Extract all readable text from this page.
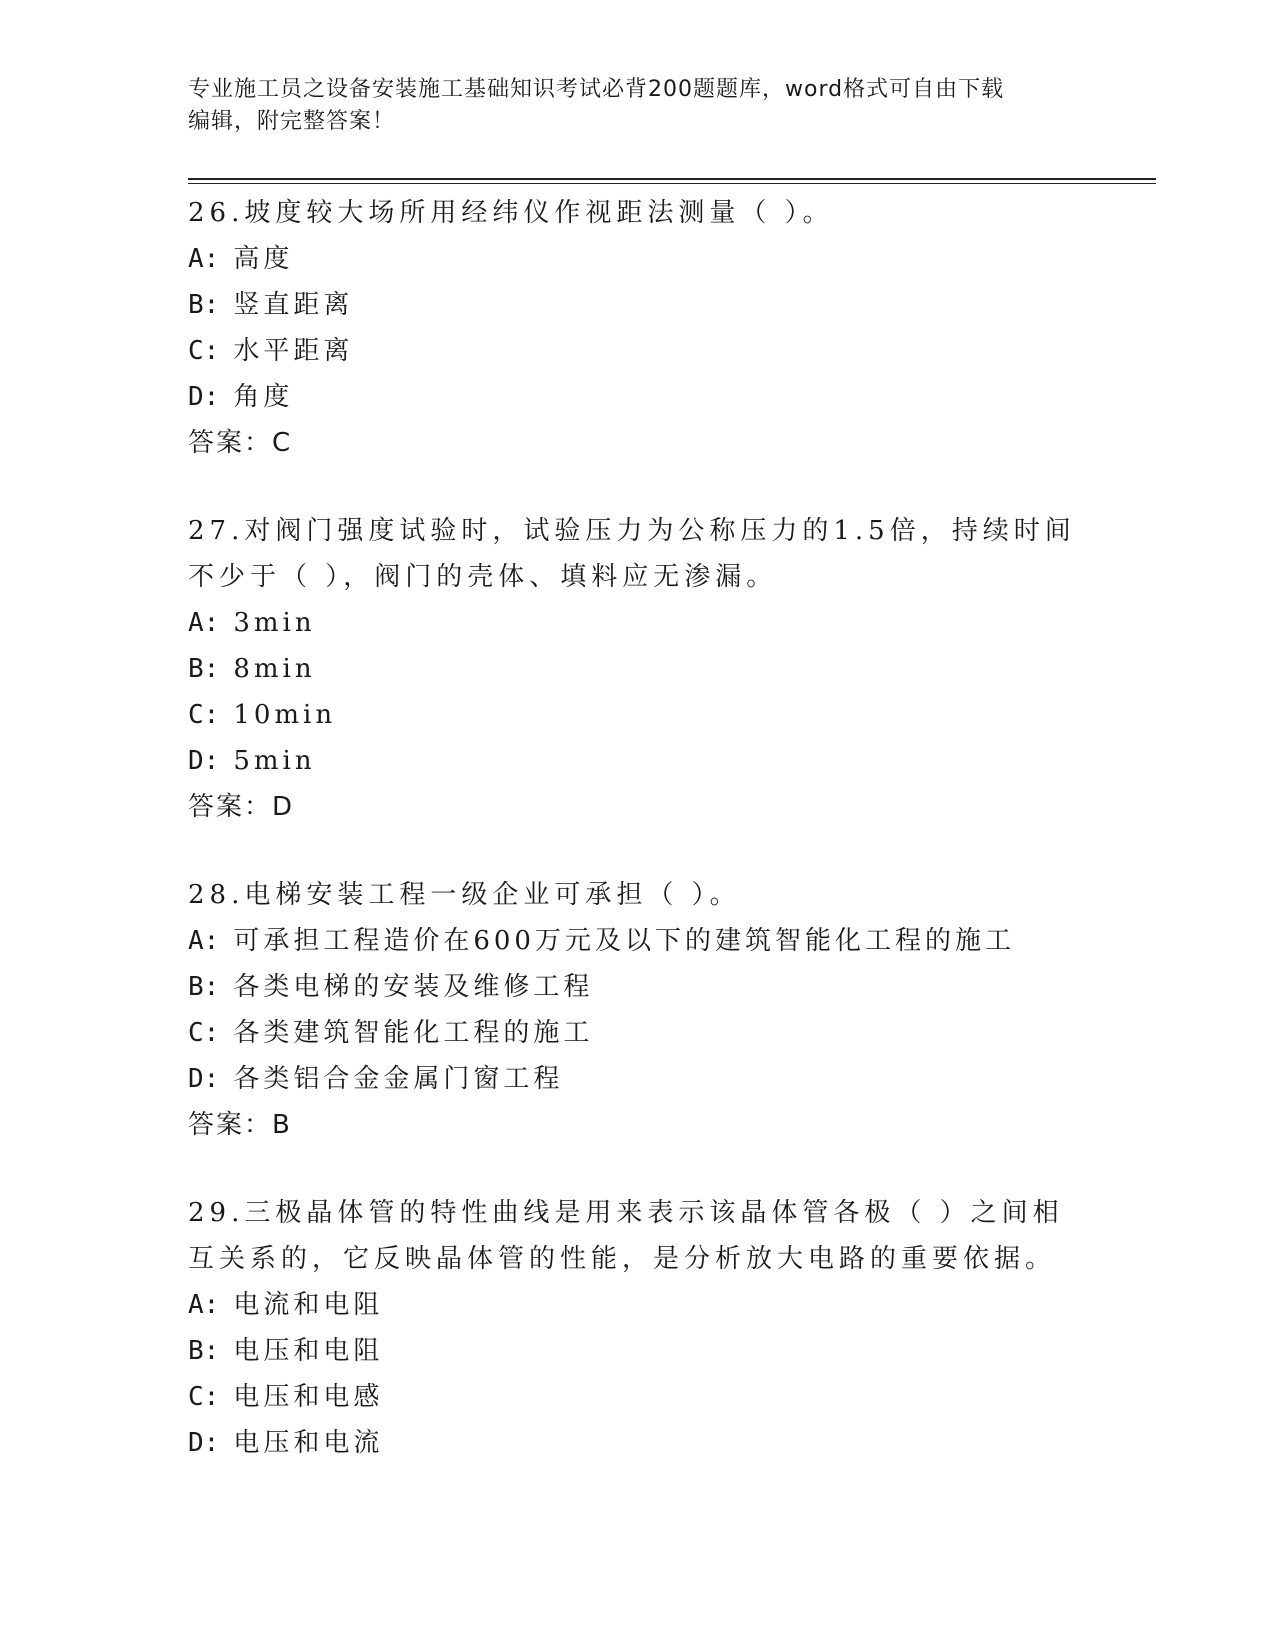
专业施工员之设备安装施工基础知识考试必背200题题库，word格式可自由下载
编辑，附完整答案！

26.坡度较大场所用经纬仪作视距法测量（ ）。

A: 高度

B: 竖直距离

C: 水平距离

D: 角度

答案：C

27.对阀门强度试验时，试验压力为公称压力的1.5倍，持续时间不少于（ ），阀门的壳体、填料应无渗漏。

A: 3min

B: 8min

C: 10min

D: 5min

答案：D

28.电梯安装工程一级企业可承担（ ）。

A: 可承担工程造价在600万元及以下的建筑智能化工程的施工

B: 各类电梯的安装及维修工程

C: 各类建筑智能化工程的施工

D: 各类铝合金金属门窗工程

答案：B

29.三极晶体管的特性曲线是用来表示该晶体管各极（ ）之间相互关系的，它反映晶体管的性能，是分析放大电路的重要依据。

A: 电流和电阻

B: 电压和电阻

C: 电压和电感

D: 电压和电流
